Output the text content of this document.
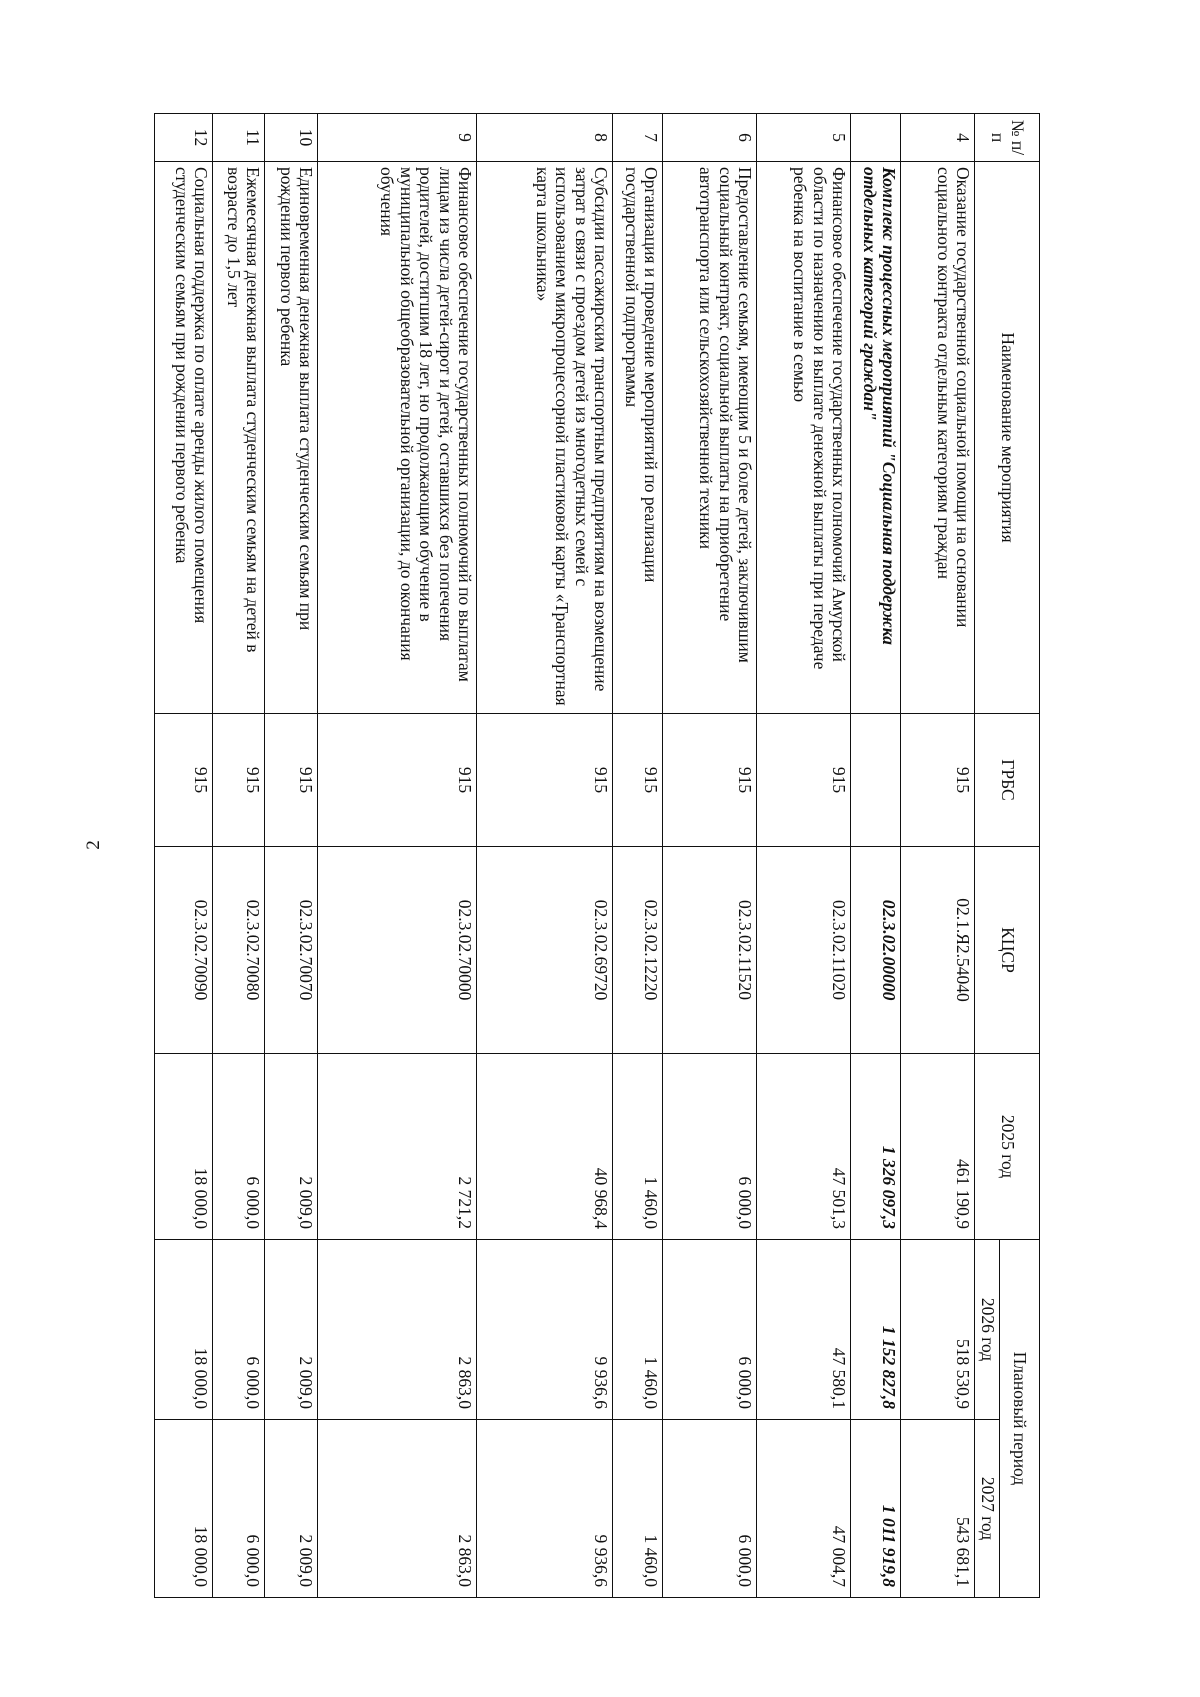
2
№ п/п	Наименование мероприятия	ГРБС	КЦСР	2025 год	Плановый период	
					2026 год	2027 год
4	Оказание государственной социальной помощи на основании социального контракта отдельным категориям граждан	915	02.1.Я2.54040	461 190,9	518 530,9	543 681,1
	Комплекс процессных мероприятий "Социальная поддержка отдельных категорий граждан"		02.3.02.00000	1 326 097,3	1 152 827,8	1 011 919,8
5	Финансовое обеспечение государственных полномочий Амурской области по назначению и выплате денежной выплаты при передаче ребенка на воспитание в семью	915	02.3.02.11020	47 501,3	47 580,1	47 004,7
6	Предоставление семьям, имеющим 5 и более детей, заключившим социальный контракт, социальной выплаты на приобретение автотранспорта или сельскохозяйственной техники	915	02.3.02.11520	6 000,0	6 000,0	6 000,0
7	Организация и проведение мероприятий по реализации государственной подпрограммы	915	02.3.02.12220	1 460,0	1 460,0	1 460,0
8	Субсидии пассажирским транспортным предприятиям на возмещение затрат в связи с проездом детей из многодетных семей с использованием микропроцессорной пластиковой карты «Транспортная карта школьника»	915	02.3.02.69720	40 968,4	9 936,6	9 936,6
9	Финансовое обеспечение государственных полномочий по выплатам лицам из числа детей-сирот и детей, оставшихся без попечения родителей, достигшим 18 лет, но продолжающим обучение в муниципальной общеобразовательной организации, до окончания обучения	915	02.3.02.70000	2 721,2	2 863,0	2 863,0
10	Единовременная денежная выплата студенческим семьям при рождении первого ребенка	915	02.3.02.70070	2 009,0	2 009,0	2 009,0
11	Ежемесячная денежная выплата студенческим семьям на детей в возрасте до 1,5 лет	915	02.3.02.70080	6 000,0	6 000,0	6 000,0
12	Социальная поддержка по оплате аренды жилого помещения студенческим семьям при рождении первого ребенка	915	02.3.02.70090	18 000,0	18 000,0	18 000,0
